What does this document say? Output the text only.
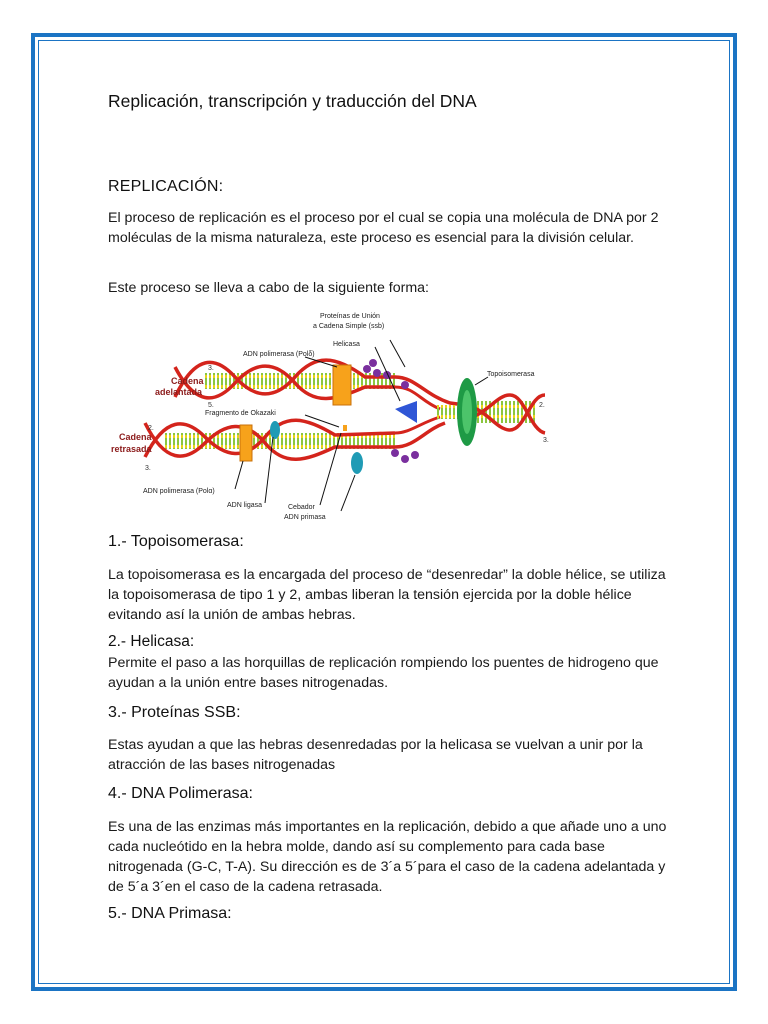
Replicación, transcripción y traducción del DNA

REPLICACIÓN:

El proceso de replicación es el proceso por el cual se copia una molécula de DNA por 2 moléculas de la misma naturaleza, este proceso es esencial para la división celular.

Este proceso se lleva a cabo de la siguiente forma:

Proteínas de Unión
a Cadena Simple (ssb)
Helicasa
ADN polimerasa (Polδ)
Topoisomerasa
Cadena
adelantada
Fragmento de Okazaki
Cadena
retrasada
ADN polimerasa (Polα)
ADN ligasa	Cebador
ADN primasa
3.
5.
2.
3.
2.
3.

1.- Topoisomerasa:

La topoisomerasa es la encargada del proceso de “desenredar” la doble hélice, se utiliza la topoisomerasa de tipo 1 y 2, ambas liberan la tensión ejercida por la doble hélice evitando así la unión de ambas hebras.

2.- Helicasa:

Permite el paso a las horquillas de replicación rompiendo los puentes de hidrogeno que ayudan a la unión entre bases nitrogenadas.

3.- Proteínas SSB:

Estas ayudan a que las hebras desenredadas por la helicasa se vuelvan a unir por la atracción de las bases nitrogenadas

4.- DNA Polimerasa:

Es una de las enzimas más importantes en la replicación, debido a que añade uno a uno cada nucleótido en la hebra molde, dando así su complemento para cada base nitrogenada (G-C, T-A). Su dirección es de 3´a 5´para el caso de la cadena adelantada y de 5´a 3´en el caso de la cadena retrasada.

5.- DNA Primasa:
